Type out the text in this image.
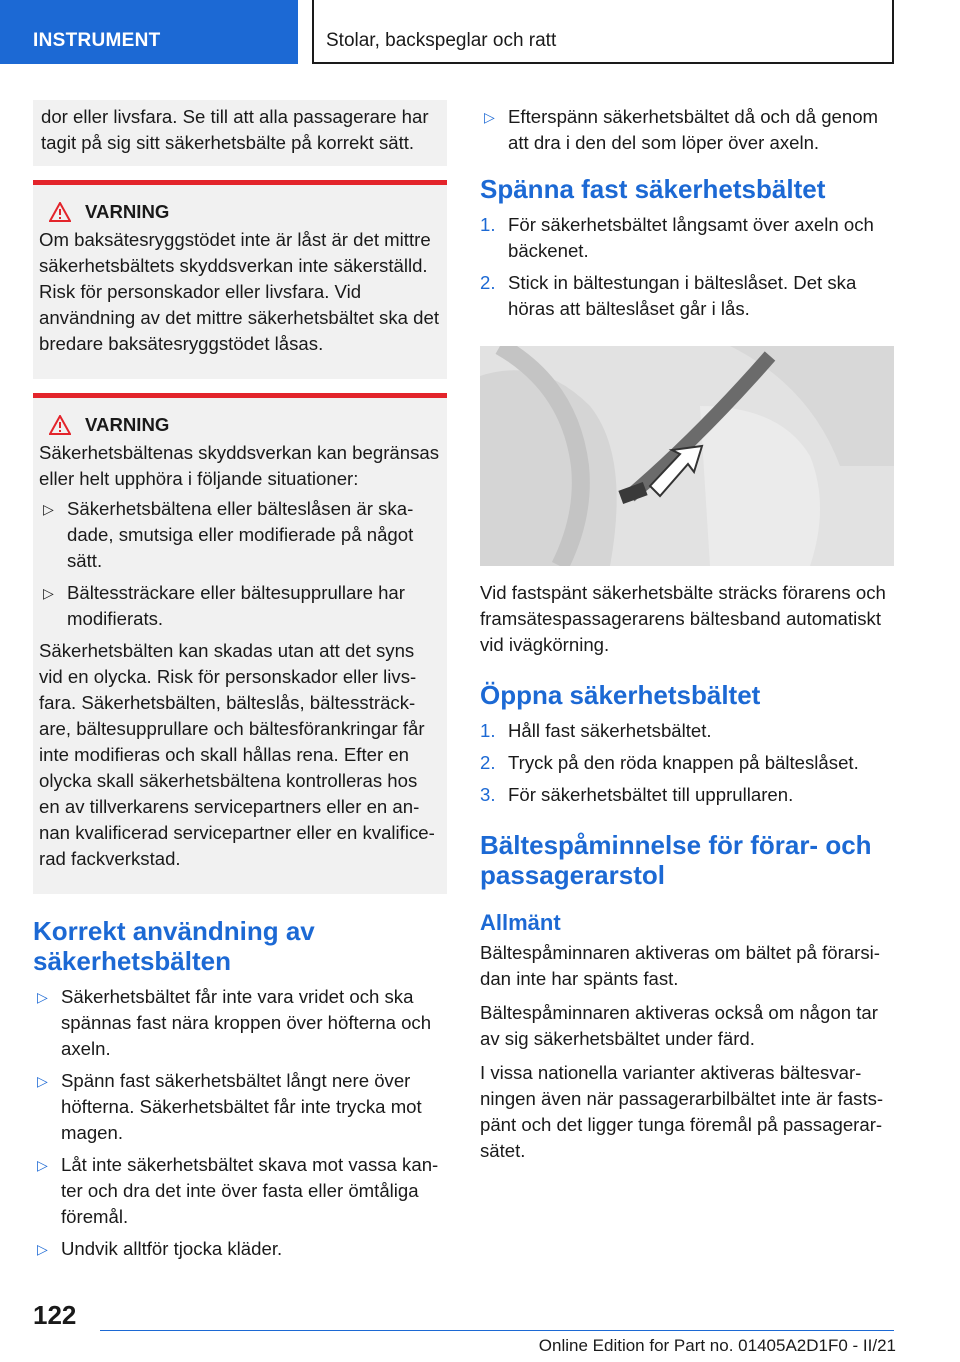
INSTRUMENT	Stolar, backspeglar och ratt

dor eller livsfara. Se till att alla passagerare har tagit på sig sitt säkerhetsbälte på korrekt sätt.

VARNING

Om baksätesryggstödet inte är låst är det mittre säkerhetsbältets skyddsverkan inte säkerställd. Risk för personskador eller livsfara. Vid användning av det mittre säkerhetsbältet ska det bredare baksätesryggstödet låsas.

VARNING

Säkerhetsbältenas skyddsverkan kan begränsas eller helt upphöra i följande situationer:

▷ Säkerhetsbältena eller bälteslåsen är skadade, smutsiga eller modifierade på något sätt.
▷ Bältessträckare eller bältesupprullare har modifierats.

Säkerhetsbälten kan skadas utan att det syns vid en olycka. Risk för personskador eller livsfara. Säkerhetsbälten, bälteslås, bältessträckare, bältesupprullare och bältesförankringar får inte modifieras och skall hållas rena. Efter en olycka skall säkerhetsbältena kontrolleras hos en av tillverkarens servicepartners eller en annan kvalificerad servicepartner eller en kvalificerad fackverkstad.

Korrekt användning av säkerhetsbälten
▷ Säkerhetsbältet får inte vara vridet och ska spännas fast nära kroppen över höfterna och axeln.
▷ Spänn fast säkerhetsbältet långt nere över höfterna. Säkerhetsbältet får inte trycka mot magen.
▷ Låt inte säkerhetsbältet skava mot vassa kanter och dra det inte över fasta eller ömtåliga föremål.
▷ Undvik alltför tjocka kläder.
▷ Efterspänn säkerhetsbältet då och då genom att dra i den del som löper över axeln.
Spänna fast säkerhetsbältet
1. För säkerhetsbältet långsamt över axeln och bäckenet.
2. Stick in bältestungan i bälteslåset. Det ska höras att bälteslåset går i lås.

Vid fastspänt säkerhetsbälte sträcks förarens och framsätespassagerarens bältesband automatiskt vid ivägkörning.

Öppna säkerhetsbältet
1. Håll fast säkerhetsbältet.
2. Tryck på den röda knappen på bälteslåset.
3. För säkerhetsbältet till upprullaren.
Bältespåminnelse för förar- och passagerarstol
Allmänt

Bältespåminnaren aktiveras om bältet på förarsidan inte har spänts fast.

Bältespåminnaren aktiveras också om någon tar av sig säkerhetsbältet under färd.

I vissa nationella varianter aktiveras bältesvarningen även när passagerarbilbältet inte är fastspänt och det ligger tunga föremål på passagerarsätet.

122
Online Edition for Part no. 01405A2D1F0 - II/21
